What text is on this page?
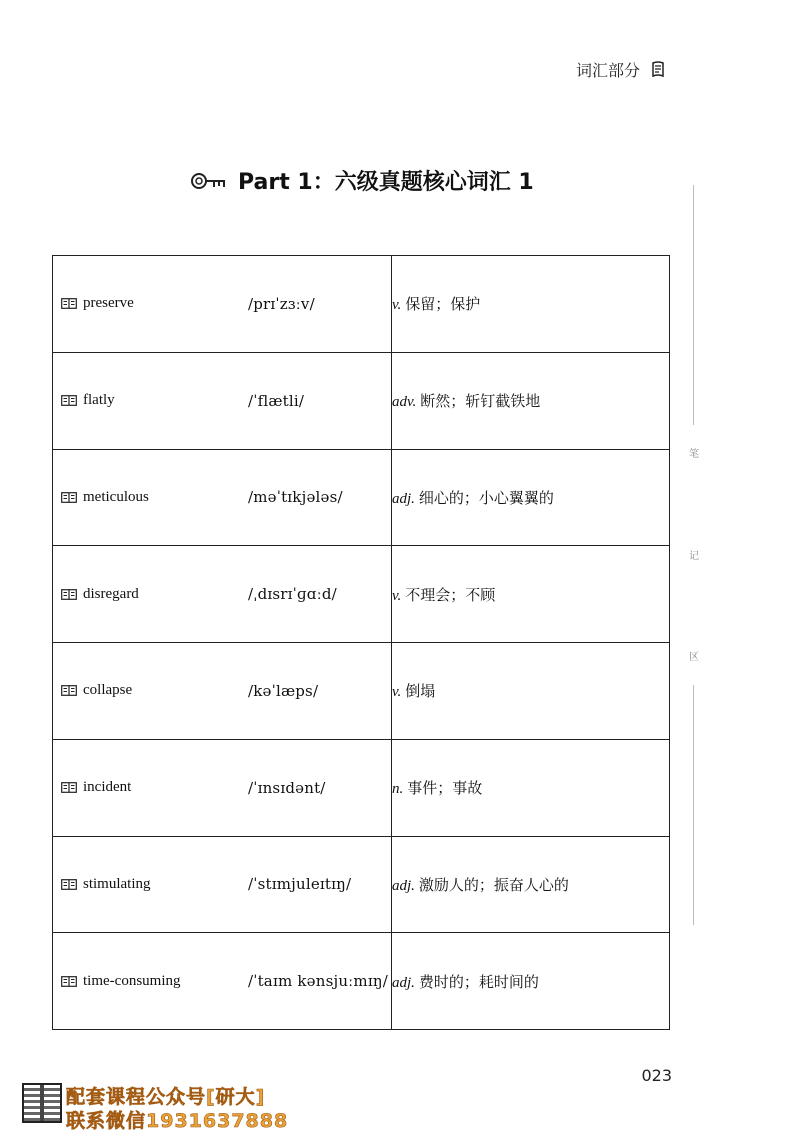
词汇部分
Part 1：六级真题核心词汇 1
preserve /prɪˈzɜːv/	v. 保留；保护

flatly /ˈflætli/	adv. 断然；斩钉截铁地

meticulous /məˈtɪkjələs/	adj. 细心的；小心翼翼的

disregard /ˌdɪsrɪˈɡɑːd/	v. 不理会；不顾

collapse /kəˈlæps/	v. 倒塌

incident /ˈɪnsɪdənt/	n. 事件；事故

stimulating /ˈstɪmjuleɪtɪŋ/	adj. 激励人的；振奋人心的

time-consuming /ˈtaɪm kənsjuːmɪŋ/	adj. 费时的；耗时间的
笔
记
区
023
配套课程公众号[研大]
联系微信1931637888
